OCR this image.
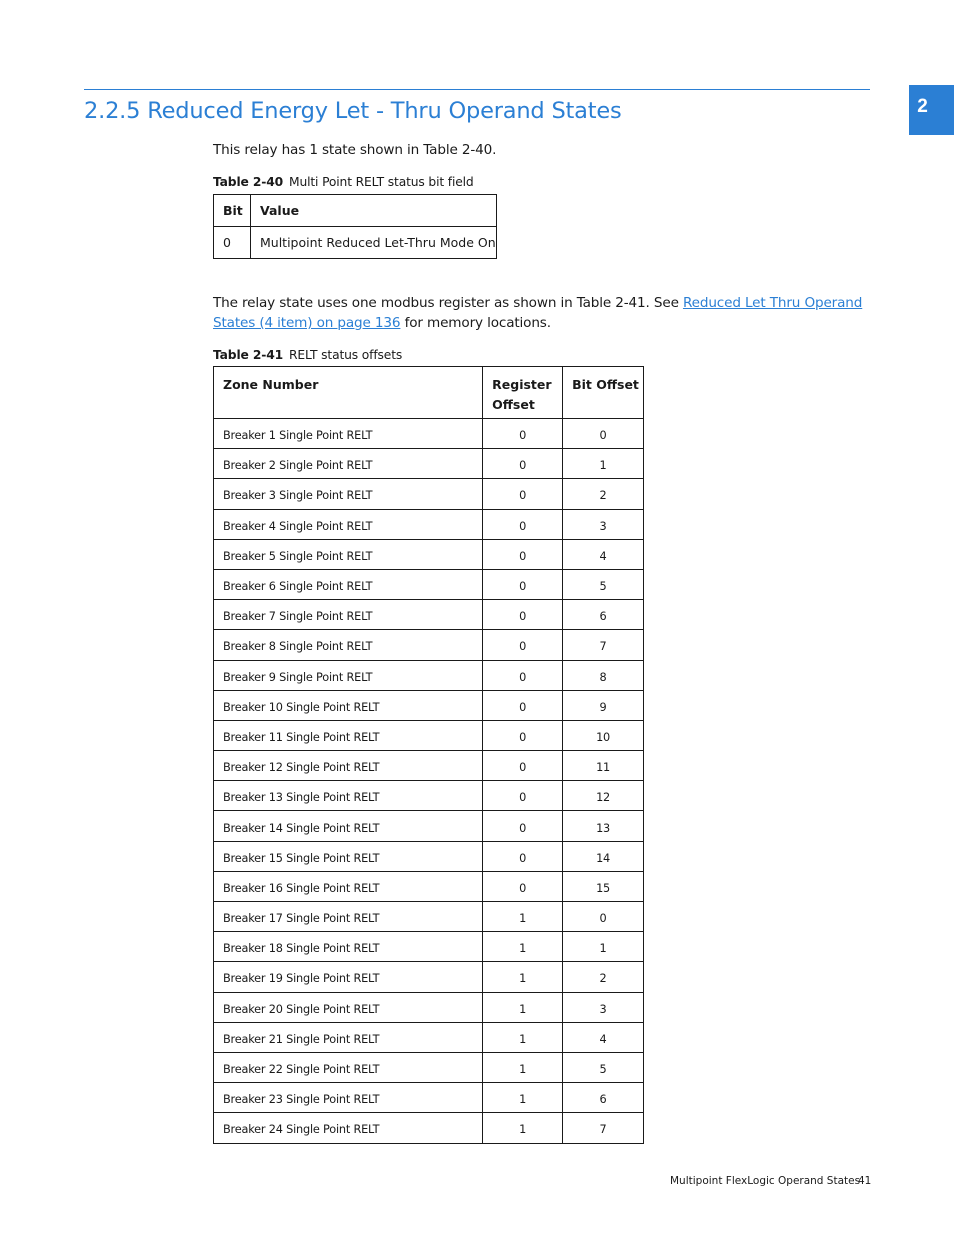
2
2.2.5 Reduced Energy Let - Thru Operand States

This relay has 1 state shown in Table 2-40.

Table 2-40 Multi Point RELT status bit field

Bit	Value
0	Multipoint Reduced Let-Thru Mode On

The relay state uses one modbus register as shown in Table 2-41. See Reduced Let Thru Operand

States (4 item) on page 136 for memory locations.

Table 2-41 RELT status offsets

Zone Number	Register Offset	Bit Offset
Breaker 1 Single Point RELT	0	0
Breaker 2 Single Point RELT	0	1
Breaker 3 Single Point RELT	0	2
Breaker 4 Single Point RELT	0	3
Breaker 5 Single Point RELT	0	4
Breaker 6 Single Point RELT	0	5
Breaker 7 Single Point RELT	0	6
Breaker 8 Single Point RELT	0	7
Breaker 9 Single Point RELT	0	8
Breaker 10 Single Point RELT	0	9
Breaker 11 Single Point RELT	0	10
Breaker 12 Single Point RELT	0	11
Breaker 13 Single Point RELT	0	12
Breaker 14 Single Point RELT	0	13
Breaker 15 Single Point RELT	0	14
Breaker 16 Single Point RELT	0	15
Breaker 17 Single Point RELT	1	0
Breaker 18 Single Point RELT	1	1
Breaker 19 Single Point RELT	1	2
Breaker 20 Single Point RELT	1	3
Breaker 21 Single Point RELT	1	4
Breaker 22 Single Point RELT	1	5
Breaker 23 Single Point RELT	1	6
Breaker 24 Single Point RELT	1	7
Multipoint FlexLogic Operand States
41
